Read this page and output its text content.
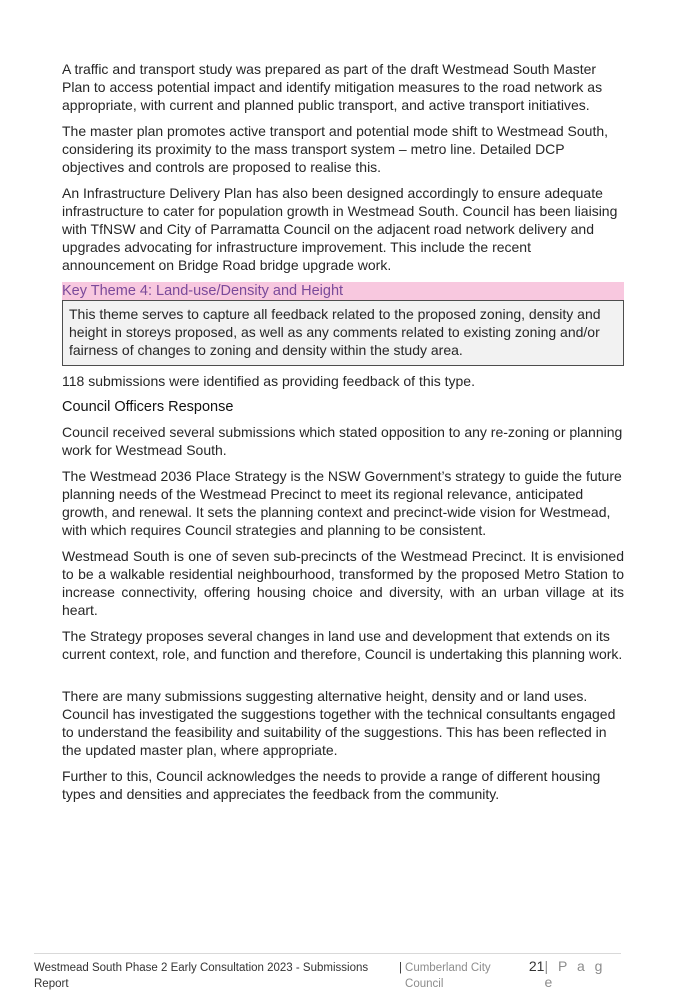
A traffic and transport study was prepared as part of the draft Westmead South Master Plan to access potential impact and identify mitigation measures to the road network as appropriate, with current and planned public transport, and active transport initiatives.

The master plan promotes active transport and potential mode shift to Westmead South, considering its proximity to the mass transport system – metro line. Detailed DCP objectives and controls are proposed to realise this.

An Infrastructure Delivery Plan has also been designed accordingly to ensure adequate infrastructure to cater for population growth in Westmead South. Council has been liaising with TfNSW and City of Parramatta Council on the adjacent road network delivery and upgrades advocating for infrastructure improvement. This include the recent announcement on Bridge Road bridge upgrade work.

Key Theme 4: Land-use/Density and Height

This theme serves to capture all feedback related to the proposed zoning, density and height in storeys proposed, as well as any comments related to existing zoning and/or fairness of changes to zoning and density within the study area.

118 submissions were identified as providing feedback of this type.

Council Officers Response

Council received several submissions which stated opposition to any re-zoning or planning work for Westmead South.

The Westmead 2036 Place Strategy is the NSW Government’s strategy to guide the future planning needs of the Westmead Precinct to meet its regional relevance, anticipated growth, and renewal. It sets the planning context and precinct-wide vision for Westmead, with which requires Council strategies and planning to be consistent.

Westmead South is one of seven sub-precincts of the Westmead Precinct. It is envisioned to be a walkable residential neighbourhood, transformed by the proposed Metro Station to increase connectivity, offering housing choice and diversity, with an urban village at its heart.

The Strategy proposes several changes in land use and development that extends on its current context, role, and function and therefore, Council is undertaking this planning work.

There are many submissions suggesting alternative height, density and or land uses. Council has investigated the suggestions together with the technical consultants engaged to understand the feasibility and suitability of the suggestions. This has been reflected in the updated master plan, where appropriate.

Further to this, Council acknowledges the needs to provide a range of different housing types and densities and appreciates the feedback from the community.

Westmead South Phase 2 Early Consultation 2023 - Submissions Report
| Cumberland City Council
21 | P a g e
